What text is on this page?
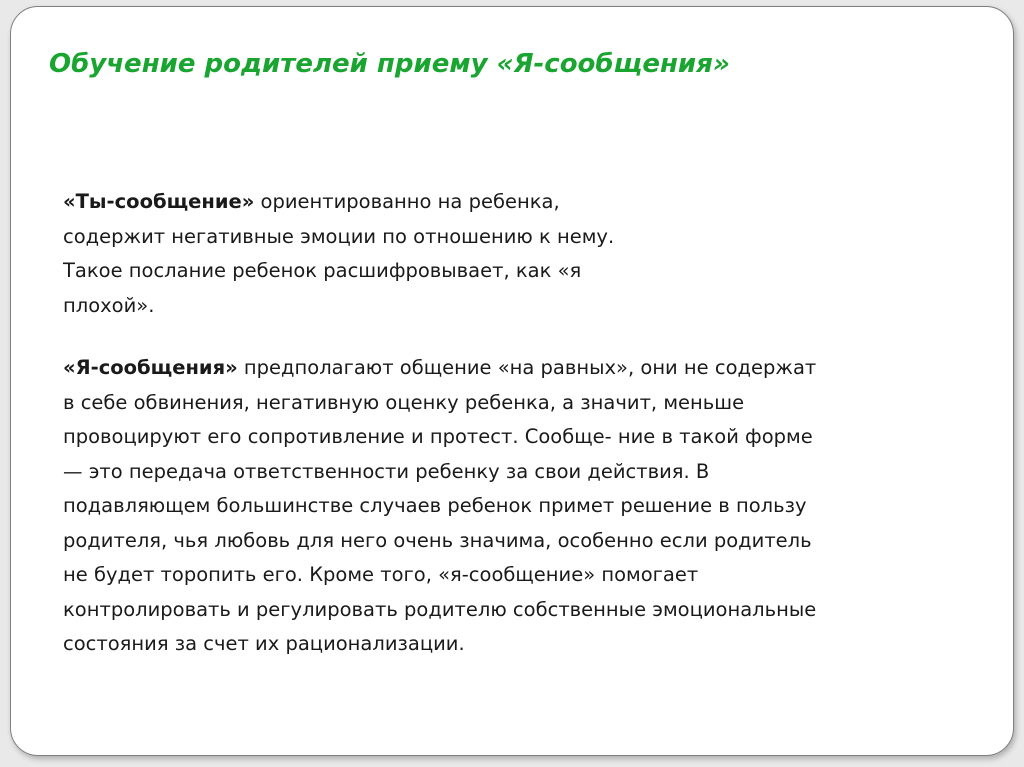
Обучение родителей приему «Я-сообщения»

«Ты-сообщение» ориентированно на ребенка,
содержит негативные эмоции по отношению к нему.
Такое послание ребенок расшифровывает, как «я
плохой».

«Я-сообщения» предполагают общение «на равных», они не содержат
в себе обвинения, негативную оценку ребенка, а значит, меньше
провоцируют его сопротивление и протест. Сообще- ние в такой форме
— это передача ответственности ребенку за свои действия. В
подавляющем большинстве случаев ребенок примет решение в пользу
родителя, чья любовь для него очень значима, особенно если родитель
не будет торопить его. Кроме того, «я-сообщение» помогает
контролировать и регулировать родителю собственные эмоциональные
состояния за счет их рационализации.
